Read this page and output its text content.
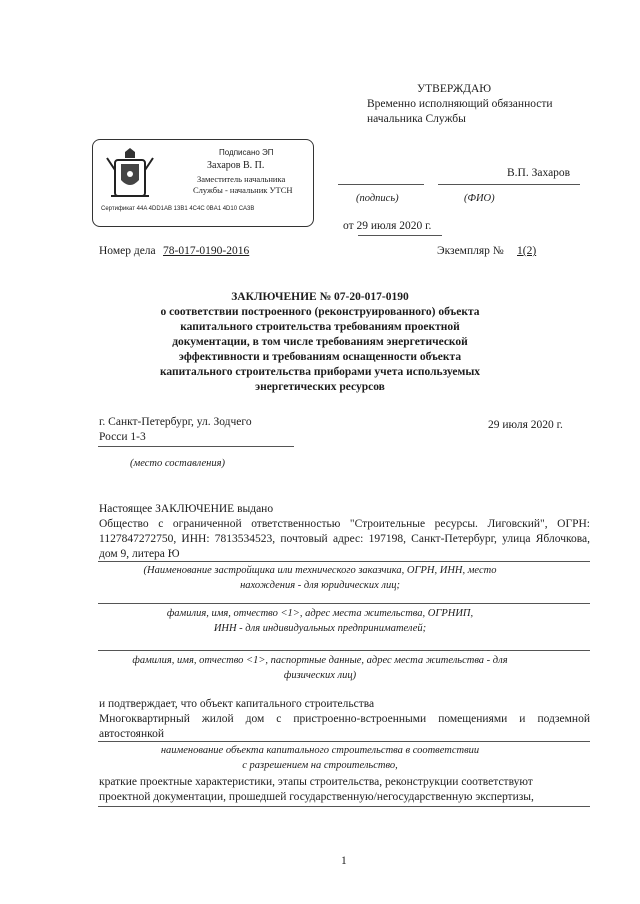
УТВЕРЖДАЮ
Временно исполняющий обязанности
начальника Службы
Подписано ЭП
Захаров В. П.
Заместитель начальника
Службы - начальник УТСН
Сертификат 44A 4DD1AB 13В1 4С4С 0BA1 4D10 CA3B
В.П. Захаров
(подпись)	(ФИО)
от 29 июля 2020 г.
Номер дела 78-017-0190-2016	Экземпляр № 1(2)
ЗАКЛЮЧЕНИЕ № 07-20-017-0190
о соответствии построенного (реконструированного) объекта
капитального строительства требованиям проектной
документации, в том числе требованиям энергетической
эффективности и требованиям оснащенности объекта
капитального строительства приборами учета используемых
энергетических ресурсов
г. Санкт-Петербург, ул. Зодчего
Росси 1-3
29 июля 2020 г.
(место составления)
Настоящее ЗАКЛЮЧЕНИЕ выдано
Общество с ограниченной ответственностью "Строительные ресурсы. Лиговский", ОГРН: 1127847272750, ИНН: 7813534523, почтовый адрес: 197198, Санкт-Петербург, улица Яблочкова, дом 9, литера Ю
(Наименование застройщика или технического заказчика, ОГРН, ИНН, место
нахождения - для юридических лиц;
фамилия, имя, отчество <1>, адрес места жительства, ОГРНИП,
ИНН - для индивидуальных предпринимателей;
фамилия, имя, отчество <1>, паспортные данные, адрес места жительства - для
физических лиц)
и подтверждает, что объект капитального строительства
Многоквартирный жилой дом с пристроенно-встроенными помещениями и подземной автостоянкой
наименование объекта капитального строительства в соответствии
с разрешением на строительство,
краткие проектные характеристики, этапы строительства, реконструкции соответствуют
проектной документации, прошедшей государственную/негосударственную экспертизы,
1
